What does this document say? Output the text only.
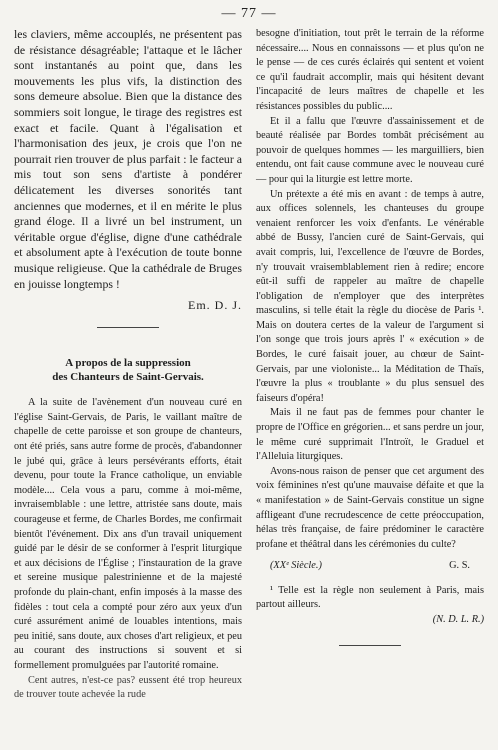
— 77 —

les claviers, même accouplés, ne présentent pas de résistance désagréable; l'attaque et le lâcher sont instantanés au point que, dans les mouvements les plus vifs, la distinction des sons demeure absolue. Bien que la distance des sommiers soit longue, le tirage des registres est exact et facile. Quant à l'égalisation et l'harmonisation des jeux, je crois que l'on ne pourrait rien trouver de plus parfait : le facteur a mis tout son sens d'artiste à pondérer délicatement les diverses sonorités tant anciennes que modernes, et il en mérite le plus grand éloge. Il a livré un bel instrument, un véritable orgue d'église, digne d'une cathédrale et absolument apte à l'exécution de toute bonne musique religieuse. Que la cathédrale de Bruges en jouisse longtemps !

Em. D. J.

A propos de la suppression
des Chanteurs de Saint-Gervais.

A la suite de l'avènement d'un nouveau curé en l'église Saint-Gervais, de Paris, le vaillant maître de chapelle de cette paroisse et son groupe de chanteurs, ont été priés, sans autre forme de procès, d'abandonner le jubé qui, grâce à leurs persévérants efforts, était devenu, pour toute la France catholique, un enviable modèle.... Cela vous a paru, comme à moi-même, invraisemblable : une lettre, attristée sans doute, mais courageuse et ferme, de Charles Bordes, me confirmait bientôt l'événement. Dix ans d'un travail uniquement guidé par le désir de se conformer à l'esprit liturgique et aux décisions de l'Église ; l'instauration de la grave et sereine musique palestrinienne et de la majesté profonde du plain-chant, enfin imposés à la masse des fidèles : tout cela a compté pour zéro aux yeux d'un curé assurément animé de louables intentions, mais peu initié, sans doute, aux choses d'art religieux, et peu au courant des instructions si souvent et si formellement promulguées par l'autorité romaine.

Cent autres, n'est-ce pas? eussent été trop heureux de trouver toute achevée la rude

besogne d'initiation, tout prêt le terrain de la réforme nécessaire.... Nous en connaissons — et plus qu'on ne le pense — de ces curés éclairés qui sentent et voient ce qu'il faudrait accomplir, mais qui hésitent devant l'incapacité de leurs maîtres de chapelle et les résistances possibles du public....

Et il a fallu que l'œuvre d'assainissement et de beauté réalisée par Bordes tombât précisément au pouvoir de quelques hommes — les marguilliers, bien entendu, ont fait cause commune avec le nouveau curé — pour qui la liturgie est lettre morte.

Un prétexte a été mis en avant : de temps à autre, aux offices solennels, les chanteuses du groupe venaient renforcer les voix d'enfants. Le vénérable abbé de Bussy, l'ancien curé de Saint-Gervais, qui avait compris, lui, l'excellence de l'œuvre de Bordes, n'y trouvait vraisemblablement rien à redire; encore eût-il suffi de rappeler au maître de chapelle l'obligation de n'employer que des interprètes masculins, si telle était la règle du diocèse de Paris ¹. Mais on doutera certes de la valeur de l'argument si l'on songe que trois jours après l' « exécution » de Bordes, le curé faisait jouer, au chœur de Saint-Gervais, par une violoniste... la Méditation de Thaïs, l'œuvre la plus « troublante » du plus sensuel des faiseurs d'opéra!

Mais il ne faut pas de femmes pour chanter le propre de l'Office en grégorien... et sans perdre un jour, le même curé supprimait l'Introït, le Graduel et l'Alleluia liturgiques.

Avons-nous raison de penser que cet argument des voix féminines n'est qu'une mauvaise défaite et que la « manifestation » de Saint-Gervais constitue un signe affligeant d'une recrudescence de cette préoccupation, hélas très française, de faire prédominer le caractère profane et théâtral dans les cérémonies du culte?

(XXᵉ Siècle.)	G. S.

¹ Telle est la règle non seulement à Paris, mais partout ailleurs.

(N. D. L. R.)
